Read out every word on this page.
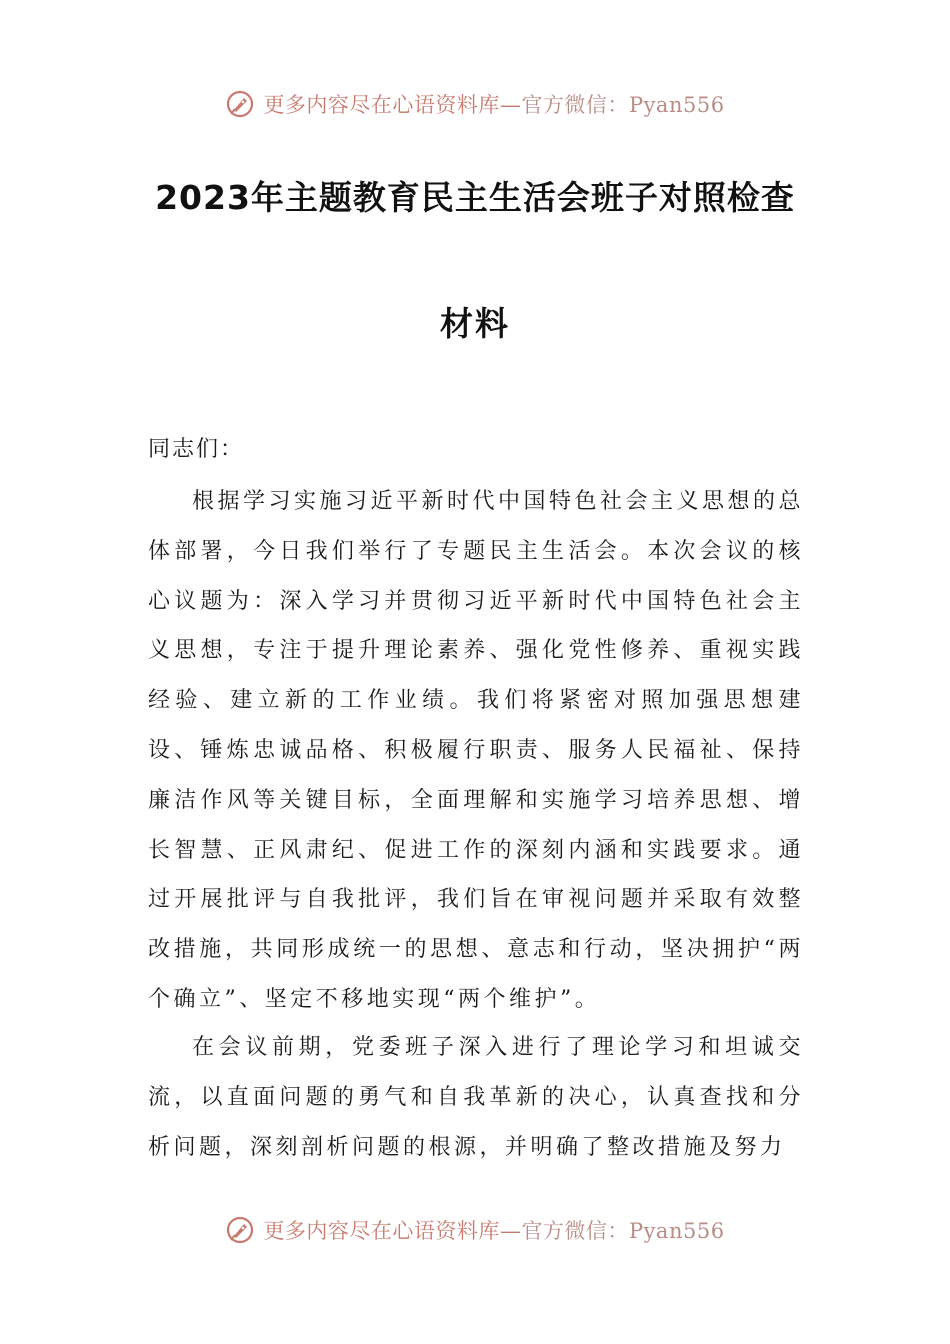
更多内容尽在心语资料库—官方微信：Pyan556
2023年主题教育民主生活会班子对照检查
材料

同志们：

根据学习实施习近平新时代中国特色社会主义思想的总体部署，今日我们举行了专题民主生活会。本次会议的核心议题为：深入学习并贯彻习近平新时代中国特色社会主义思想，专注于提升理论素养、强化党性修养、重视实践经验、建立新的工作业绩。我们将紧密对照加强思想建设、锤炼忠诚品格、积极履行职责、服务人民福祉、保持廉洁作风等关键目标，全面理解和实施学习培养思想、增长智慧、正风肃纪、促进工作的深刻内涵和实践要求。通过开展批评与自我批评，我们旨在审视问题并采取有效整改措施，共同形成统一的思想、意志和行动，坚决拥护“两个确立”、坚定不移地实现“两个维护”。

在会议前期，党委班子深入进行了理论学习和坦诚交流，以直面问题的勇气和自我革新的决心，认真查找和分析问题，深刻剖析问题的根源，并明确了整改措施及努力

更多内容尽在心语资料库—官方微信：Pyan556
